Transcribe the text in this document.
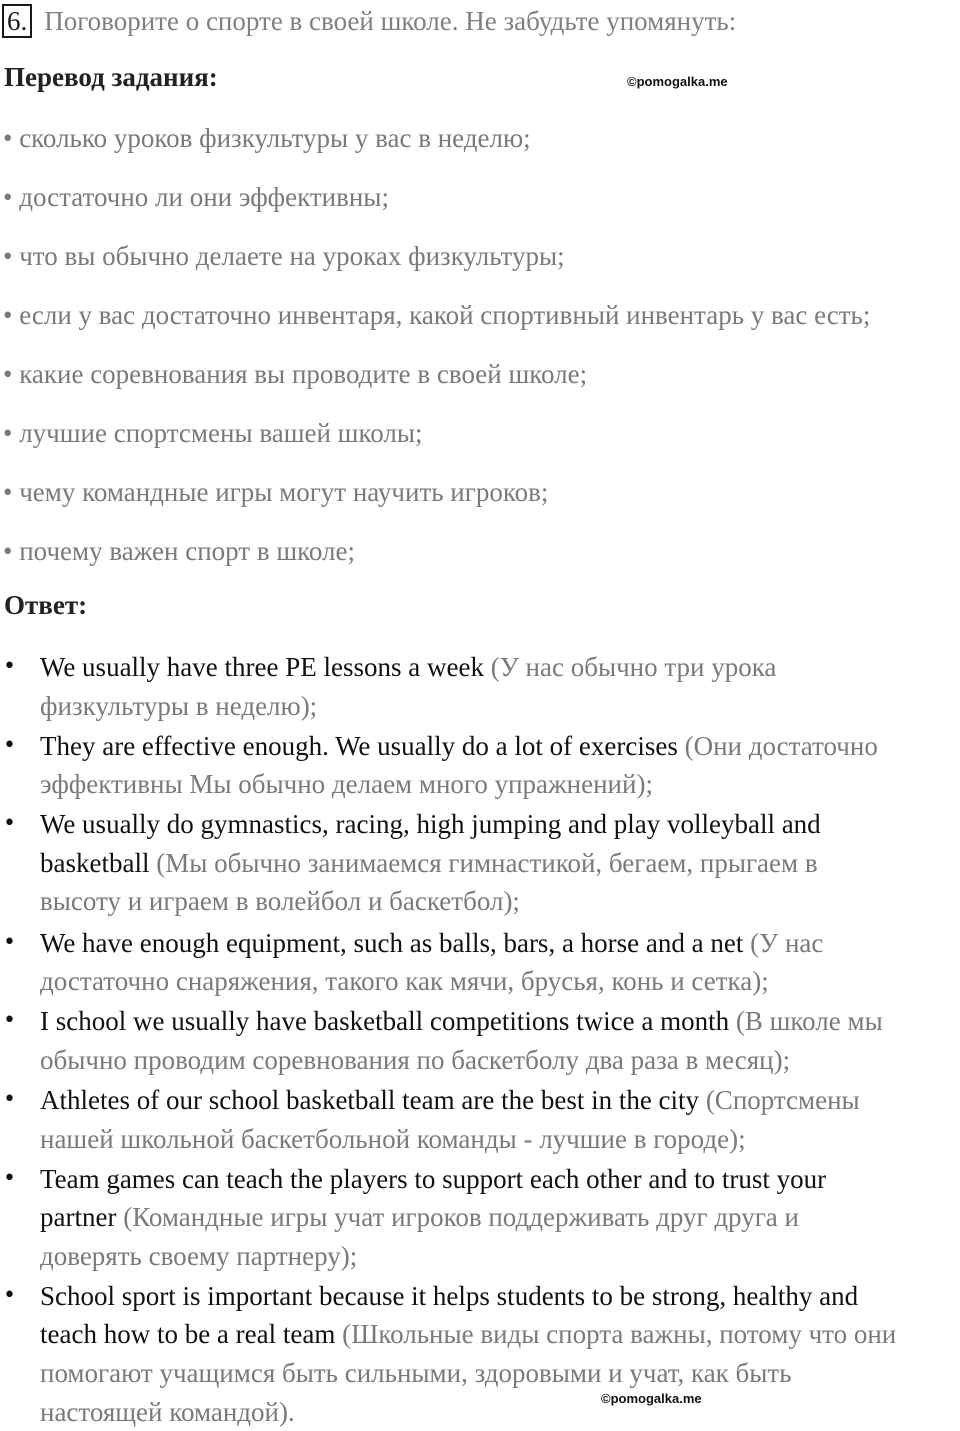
6. Поговорите о спорте в своей школе. Не забудьте упомянуть:
Перевод задания:	©pomogalka.me
• сколько уроков физкультуры у вас в неделю;
• достаточно ли они эффективны;
• что вы обычно делаете на уроках физкультуры;
• если у вас достаточно инвентаря, какой спортивный инвентарь у вас есть;
• какие соревнования вы проводите в своей школе;
• лучшие спортсмены вашей школы;
• чему командные игры могут научить игроков;
• почему важен спорт в школе;
Ответ:
• We usually have three PE lessons a week (У нас обычно три урока
физкультуры в неделю);
• They are effective enough. We usually do a lot of exercises (Они достаточно
эффективны Мы обычно делаем много упражнений);
• We usually do gymnastics, racing, high jumping and play volleyball and
basketball (Мы обычно занимаемся гимнастикой, бегаем, прыгаем в
высоту и играем в волейбол и баскетбол);
• We have enough equipment, such as balls, bars, a horse and a net (У нас
достаточно снаряжения, такого как мячи, брусья, конь и сетка);
• I school we usually have basketball competitions twice a month (В школе мы
обычно проводим соревнования по баскетболу два раза в месяц);
• Athletes of our school basketball team are the best in the city (Спортсмены
нашей школьной баскетбольной команды - лучшие в городе);
• Team games can teach the players to support each other and to trust your
partner (Командные игры учат игроков поддерживать друг друга и
доверять своему партнеру);
• School sport is important because it helps students to be strong, healthy and
teach how to be a real team (Школьные виды спорта важны, потому что они
помогают учащимся быть сильными, здоровыми и учат, как быть
настоящей командой).	©pomogalka.me
